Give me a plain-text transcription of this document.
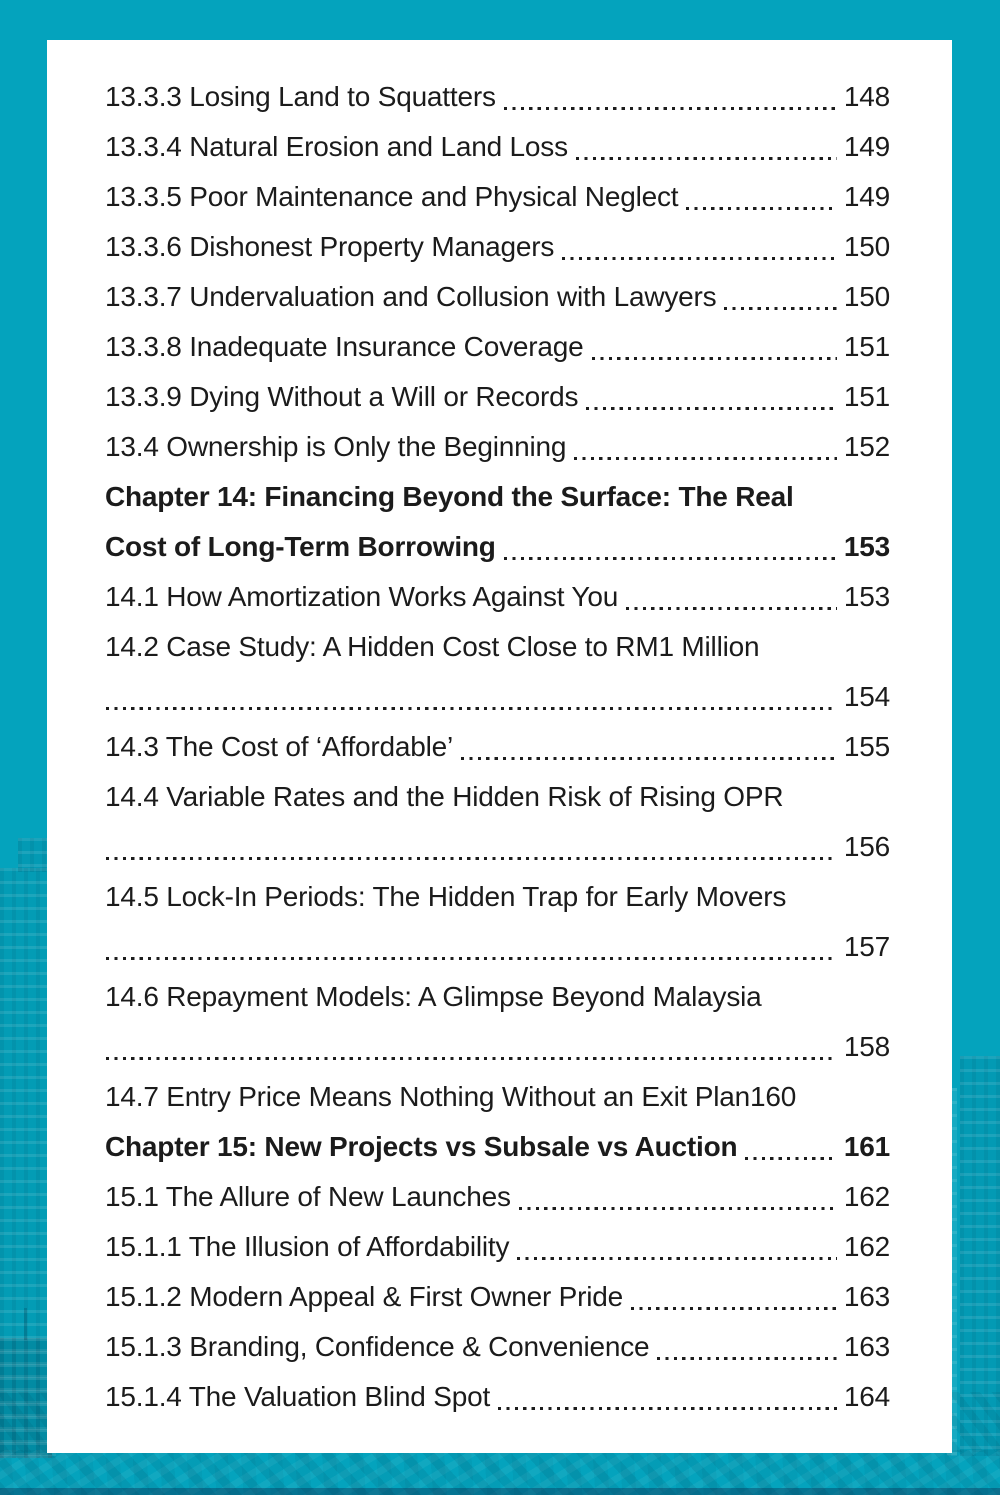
13.3.3 Losing Land to Squatters	148
13.3.4 Natural Erosion and Land Loss	149
13.3.5 Poor Maintenance and Physical Neglect	149
13.3.6 Dishonest Property Managers	150
13.3.7 Undervaluation and Collusion with Lawyers	150
13.3.8 Inadequate Insurance Coverage	151
13.3.9 Dying Without a Will or Records	151
13.4 Ownership is Only the Beginning	152
Chapter 14: Financing Beyond the Surface: The Real
Cost of Long-Term Borrowing	153
14.1 How Amortization Works Against You	153
14.2 Case Study: A Hidden Cost Close to RM1 Million
154
14.3 The Cost of ‘Affordable’	155
14.4 Variable Rates and the Hidden Risk of Rising OPR
156
14.5 Lock-In Periods: The Hidden Trap for Early Movers
157
14.6 Repayment Models: A Glimpse Beyond Malaysia
158
14.7 Entry Price Means Nothing Without an Exit Plan 160
Chapter 15: New Projects vs Subsale vs Auction	161
15.1 The Allure of New Launches	162
15.1.1 The Illusion of Affordability	162
15.1.2 Modern Appeal & First Owner Pride	163
15.1.3 Branding, Confidence & Convenience	163
15.1.4 The Valuation Blind Spot	164
